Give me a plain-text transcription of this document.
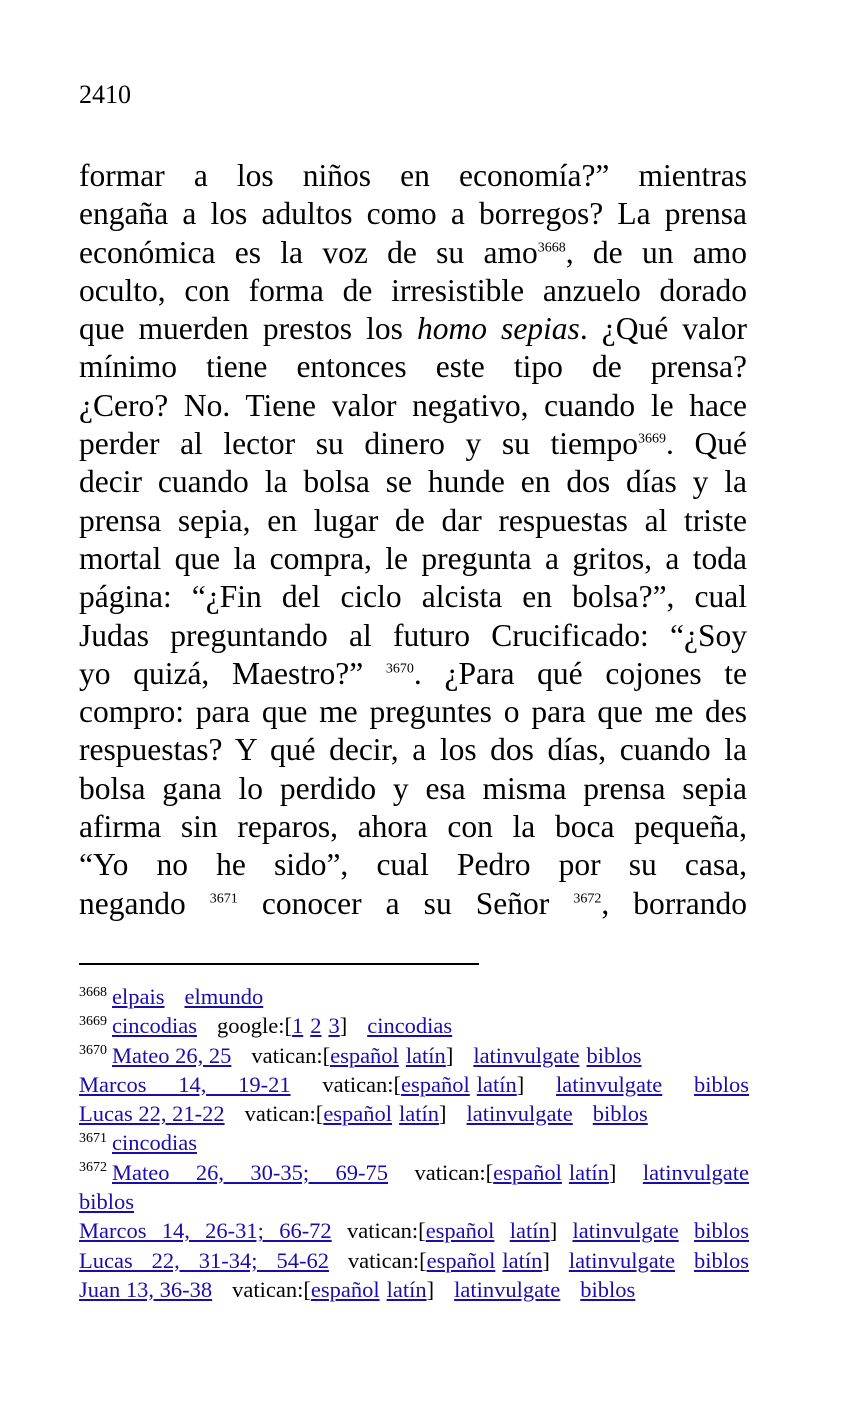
2410
formar a los niños en economía?” mientras
engaña a los adultos como a borregos? La prensa
económica es la voz de su amo$^{3668}$, de un amo
oculto, con forma de irresistible anzuelo dorado
que muerden prestos los homo sepias. ¿Qué valor
mínimo tiene entonces este tipo de prensa?
¿Cero? No. Tiene valor negativo, cuando le hace
perder al lector su dinero y su tiempo$^{3669}$. Qué
decir cuando la bolsa se hunde en dos días y la
prensa sepia, en lugar de dar respuestas al triste
mortal que la compra, le pregunta a gritos, a toda
página: “¿Fin del ciclo alcista en bolsa?”, cual
Judas preguntando al futuro Crucificado: “¿Soy
yo quizá, Maestro?” $^{3670}$. ¿Para qué cojones te
compro: para que me preguntes o para que me des
respuestas? Y qué decir, a los dos días, cuando la
bolsa gana lo perdido y esa misma prensa sepia
afirma sin reparos, ahora con la boca pequeña,
“Yo no he sido”, cual Pedro por su casa,
negando $^{3671}$ conocer a su Señor $^{3672}$, borrando
$^{3668}$ elpais elmundo
$^{3669}$ cincodias google:[1 2 3] cincodias
$^{3670}$ Mateo 26, 25 vatican:[español latín] latinvulgate biblos
Marcos 14, 19-21 vatican:[español latín] latinvulgate biblos
Lucas 22, 21-22 vatican:[español latín] latinvulgate biblos
$^{3671}$ cincodias
$^{3672}$ Mateo 26, 30-35; 69-75 vatican:[español latín] latinvulgate
biblos
Marcos 14, 26-31; 66-72 vatican:[español latín] latinvulgate biblos
Lucas 22, 31-34; 54-62 vatican:[español latín] latinvulgate biblos
Juan 13, 36-38 vatican:[español latín] latinvulgate biblos
